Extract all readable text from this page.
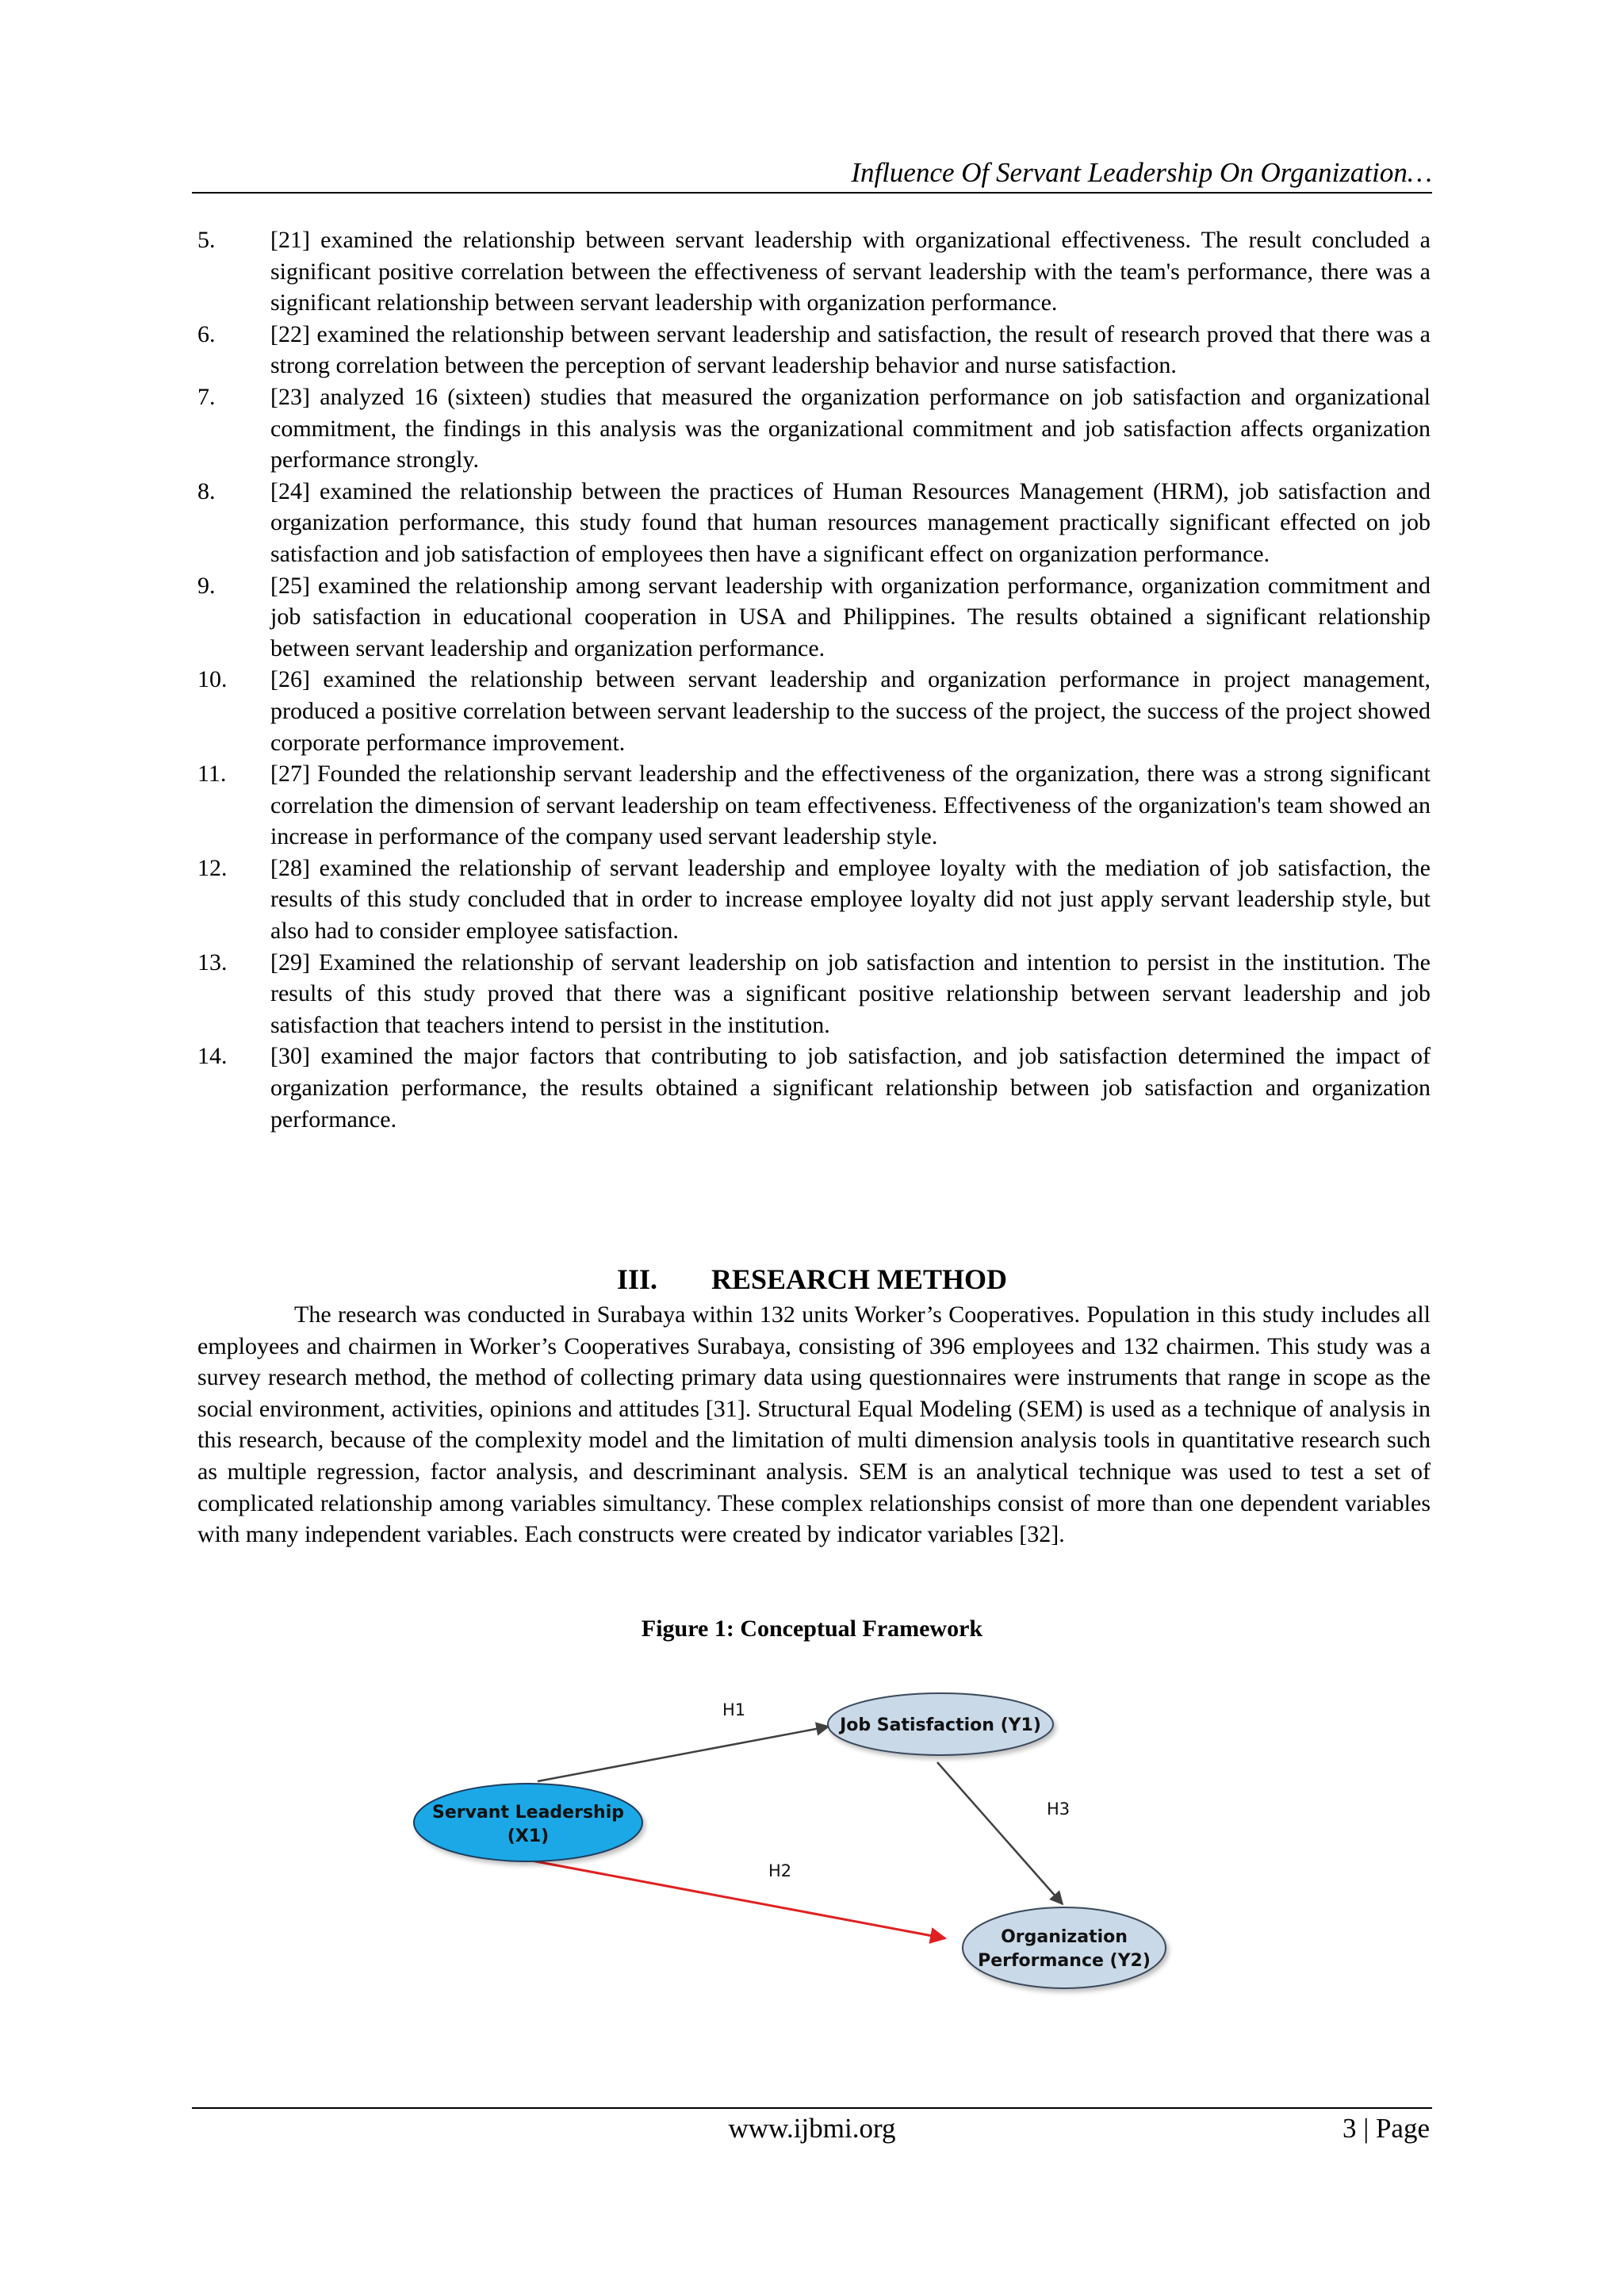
Influence Of Servant Leadership On Organization…
5.	[21] examined the relationship between servant leadership with organizational effectiveness. The result concluded a significant positive correlation between the effectiveness of servant leadership with the team's performance, there was a significant relationship between servant leadership with organization performance.
6.	[22] examined the relationship between servant leadership and satisfaction, the result of research proved that there was a strong correlation between the perception of servant leadership behavior and nurse satisfaction.
7.	[23] analyzed 16 (sixteen) studies that measured the organization performance on job satisfaction and organizational commitment, the findings in this analysis was the organizational commitment and job satisfaction affects organization performance strongly.
8.	[24] examined the relationship between the practices of Human Resources Management (HRM), job satisfaction and organization performance, this study found that human resources management practically significant effected on job satisfaction and job satisfaction of employees then have a significant effect on organization performance.
9.	[25] examined the relationship among servant leadership with organization performance, organization commitment and job satisfaction in educational cooperation in USA and Philippines. The results obtained a significant relationship between servant leadership and organization performance.
10.	[26] examined the relationship between servant leadership and organization performance in project management, produced a positive correlation between servant leadership to the success of the project, the success of the project showed corporate performance improvement.
11.	[27] Founded the relationship servant leadership and the effectiveness of the organization, there was a strong significant correlation the dimension of servant leadership on team effectiveness. Effectiveness of the organization's team showed an increase in performance of the company used servant leadership style.
12.	[28] examined the relationship of servant leadership and employee loyalty with the mediation of job satisfaction, the results of this study concluded that in order to increase employee loyalty did not just apply servant leadership style, but also had to consider employee satisfaction.
13.	[29] Examined the relationship of servant leadership on job satisfaction and intention to persist in the institution. The results of this study proved that there was a significant positive relationship between servant leadership and job satisfaction that teachers intend to persist in the institution.
14.	[30] examined the major factors that contributing to job satisfaction, and job satisfaction determined the impact of organization performance, the results obtained a significant relationship between job satisfaction and organization performance.
III. RESEARCH METHOD

The research was conducted in Surabaya within 132 units Worker’s Cooperatives. Population in this study includes all employees and chairmen in Worker’s Cooperatives Surabaya, consisting of 396 employees and 132 chairmen. This study was a survey research method, the method of collecting primary data using questionnaires were instruments that range in scope as the social environment, activities, opinions and attitudes [31]. Structural Equal Modeling (SEM) is used as a technique of analysis in this research, because of the complexity model and the limitation of multi dimension analysis tools in quantitative research such as multiple regression, factor analysis, and descriminant analysis. SEM is an analytical technique was used to test a set of complicated relationship among variables simultancy. These complex relationships consist of more than one dependent variables with many independent variables. Each constructs were created by indicator variables [32].

Figure 1: Conceptual Framework

H1
H2
H3
Servant Leadership
(X1)
Job Satisfaction (Y1)
Organization
Performance (Y2)
www.ijbmi.org	3 | Page
